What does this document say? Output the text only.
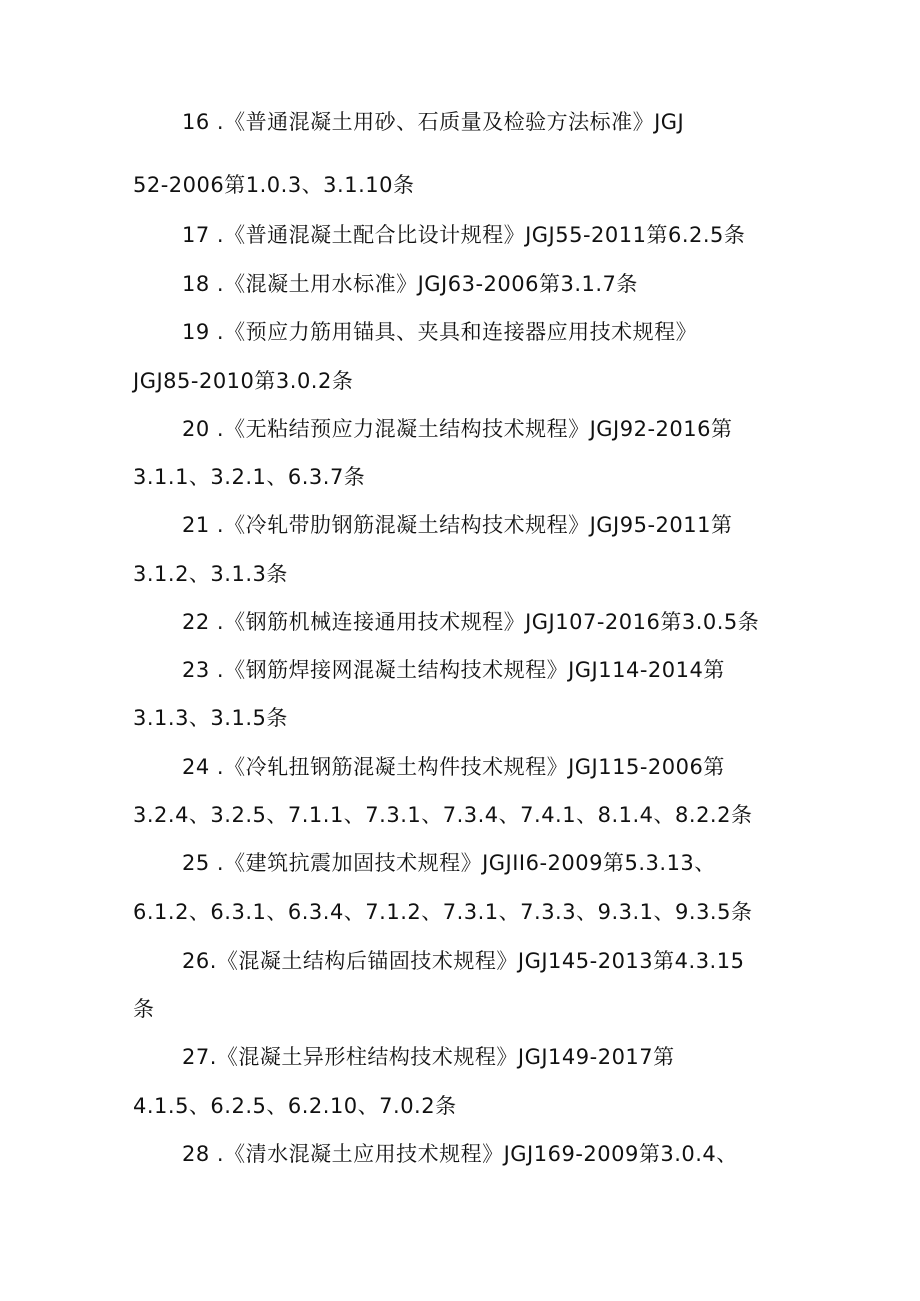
16 .《普通混凝土用砂、石质量及检验方法标准》JGJ
52-2006第1.0.3、3.1.10条
17 .《普通混凝土配合比设计规程》JGJ55-2011第6.2.5条
18 .《混凝土用水标准》JGJ63-2006第3.1.7条
19 .《预应力筋用锚具、夹具和连接器应用技术规程》
JGJ85-2010第3.0.2条
20 .《无粘结预应力混凝土结构技术规程》JGJ92-2016第
3.1.1、3.2.1、6.3.7条
21 .《冷轧带肋钢筋混凝土结构技术规程》JGJ95-2011第
3.1.2、3.1.3条
22 .《钢筋机械连接通用技术规程》JGJ107-2016第3.0.5条
23 .《钢筋焊接网混凝土结构技术规程》JGJ114-2014第
3.1.3、3.1.5条
24 .《冷轧扭钢筋混凝土构件技术规程》JGJ115-2006第
3.2.4、3.2.5、7.1.1、7.3.1、7.3.4、7.4.1、8.1.4、8.2.2条
25 .《建筑抗震加固技术规程》JGJII6-2009第5.3.13、
6.1.2、6.3.1、6.3.4、7.1.2、7.3.1、7.3.3、9.3.1、9.3.5条
26.《混凝土结构后锚固技术规程》JGJ145-2013第4.3.15
条
27.《混凝土异形柱结构技术规程》JGJ149-2017第
4.1.5、6.2.5、6.2.10、7.0.2条
28 .《清水混凝土应用技术规程》JGJ169-2009第3.0.4、
